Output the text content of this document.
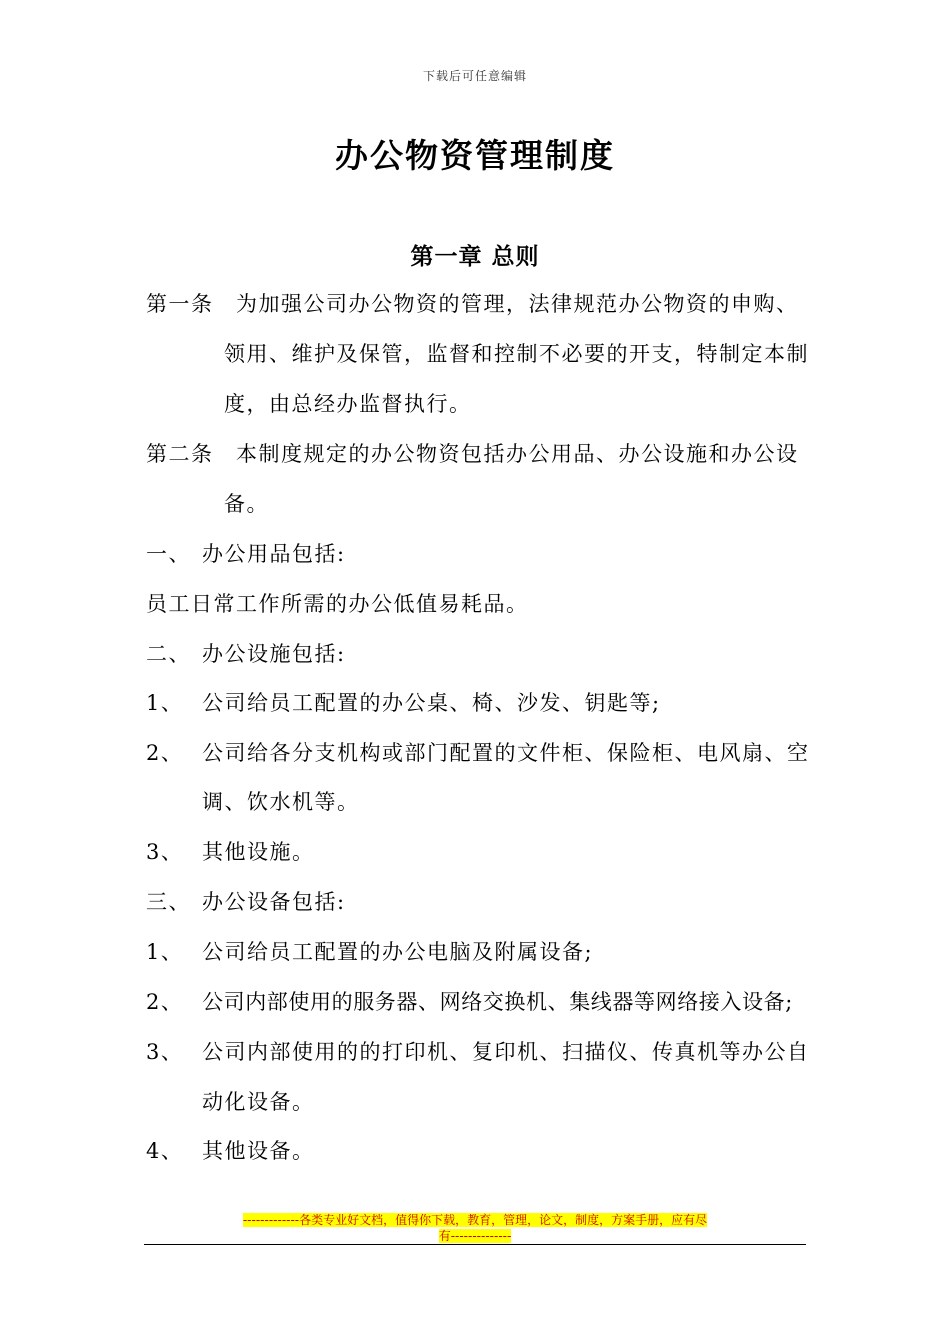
下载后可任意编辑
办公物资管理制度
第一章 总则
第一条 为加强公司办公物资的管理，法律规范办公物资的申购、
领用、维护及保管，监督和控制不必要的开支，特制定本制
度，由总经办监督执行。
第二条 本制度规定的办公物资包括办公用品、办公设施和办公设
备。
一、 办公用品包括:
员工日常工作所需的办公低值易耗品。
二、 办公设施包括:
1、 公司给员工配置的办公桌、椅、沙发、钥匙等;
2、 公司给各分支机构或部门配置的文件柜、保险柜、电风扇、空
调、饮水机等。
3、 其他设施。
三、 办公设备包括:
1、 公司给员工配置的办公电脑及附属设备;
2、 公司内部使用的服务器、网络交换机、集线器等网络接入设备;
3、 公司内部使用的的打印机、复印机、扫描仪、传真机等办公自
动化设备。
4、 其他设备。
-------------各类专业好文档，值得你下载，教育，管理，论文，制度，方案手册，应有尽
有--------------
